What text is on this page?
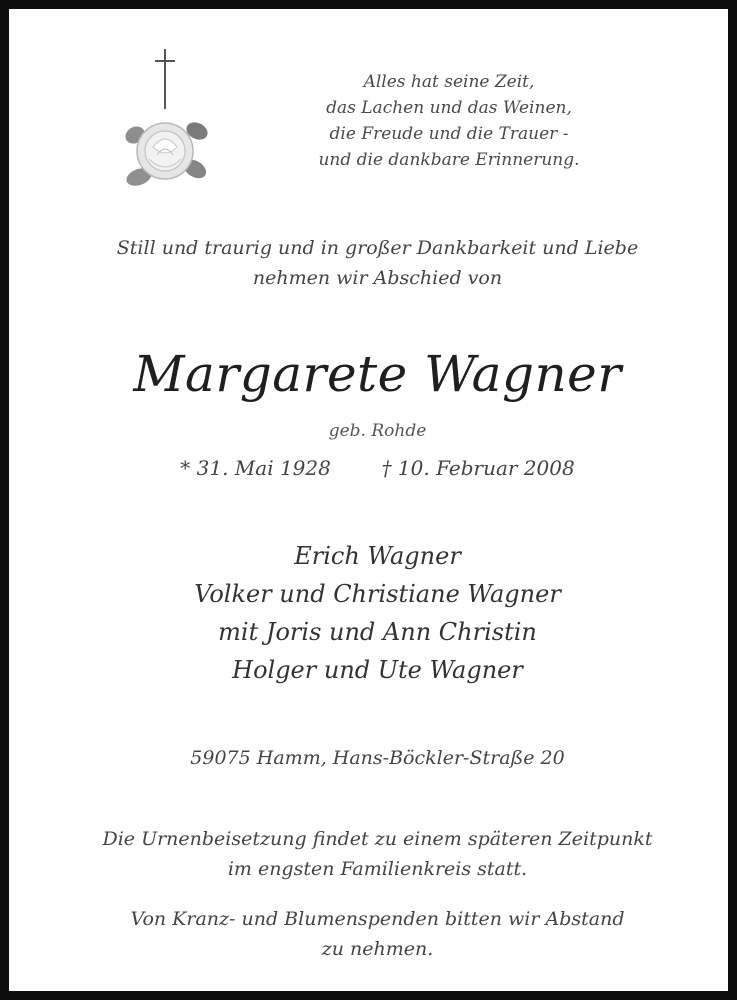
Alles hat seine Zeit,
das Lachen und das Weinen,
die Freude und die Trauer -
und die dankbare Erinnerung.
Still und traurig und in großer Dankbarkeit und Liebe
nehmen wir Abschied von
Margarete Wagner
geb. Rohde
* 31. Mai 1928	† 10. Februar 2008
Erich Wagner
Volker und Christiane Wagner
mit Joris und Ann Christin
Holger und Ute Wagner
59075 Hamm, Hans-Böckler-Straße 20
Die Urnenbeisetzung findet zu einem späteren Zeitpunkt
im engsten Familienkreis statt.
Von Kranz- und Blumenspenden bitten wir Abstand
zu nehmen.
